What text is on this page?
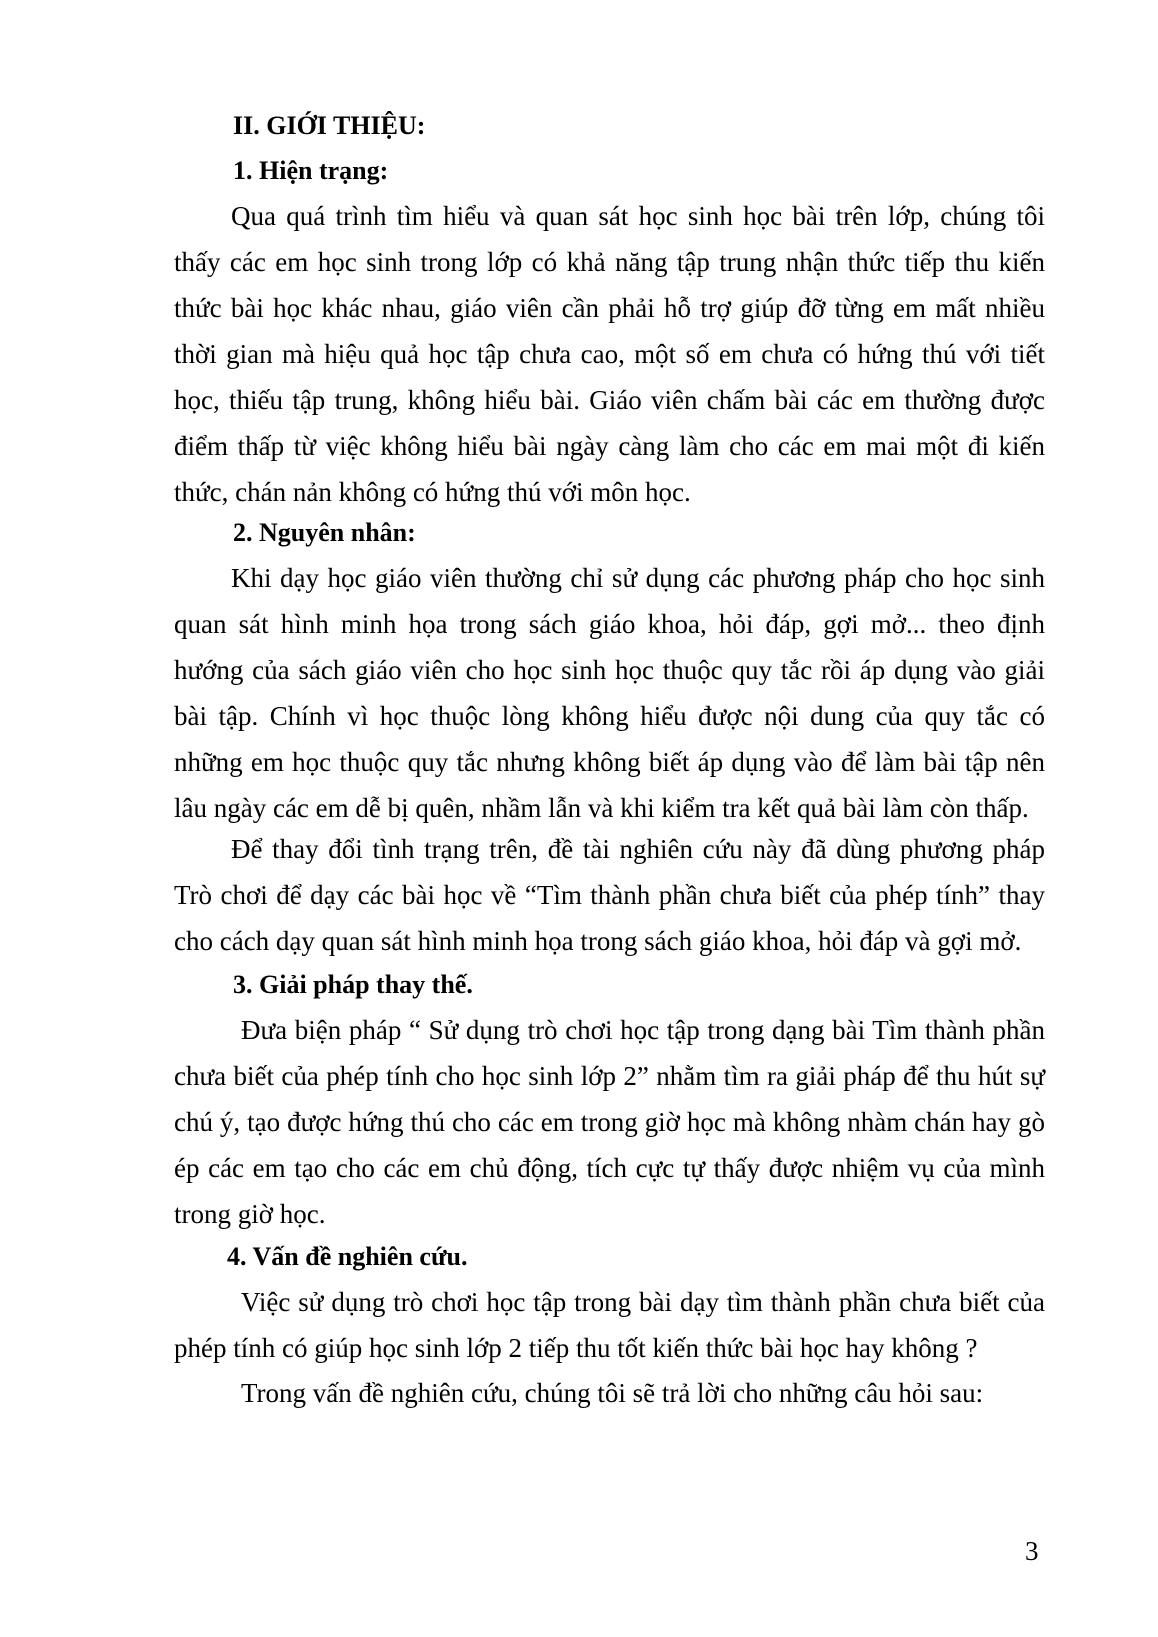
II. GIỚI THIỆU:
1. Hiện trạng:

Qua quá trình tìm hiểu và quan sát học sinh học bài trên lớp, chúng tôi thấy các em học sinh trong lớp có khả năng tập trung nhận thức tiếp thu kiến thức bài học khác nhau, giáo viên cần phải hỗ trợ giúp đỡ từng em mất nhiều thời gian mà hiệu quả học tập chưa cao, một số em chưa có hứng thú với tiết học, thiếu tập trung, không hiểu bài. Giáo viên chấm bài các em thường được điểm thấp từ việc không hiểu bài ngày càng làm cho các em mai một đi kiến thức, chán nản không có hứng thú với môn học.

2. Nguyên nhân:

Khi dạy học giáo viên thường chỉ sử dụng các phương pháp cho học sinh quan sát hình minh họa trong sách giáo khoa, hỏi đáp, gợi mở... theo định hướng của sách giáo viên cho học sinh học thuộc quy tắc rồi áp dụng vào giải bài tập. Chính vì học thuộc lòng không hiểu được nội dung của quy tắc có những em học thuộc quy tắc nhưng không biết áp dụng vào để làm bài tập nên lâu ngày các em dễ bị quên, nhầm lẫn và khi kiểm tra kết quả bài làm còn thấp.

Để thay đổi tình trạng trên, đề tài nghiên cứu này đã dùng phương pháp Trò chơi để dạy các bài học về “Tìm thành phần chưa biết của phép tính” thay cho cách dạy quan sát hình minh họa trong sách giáo khoa, hỏi đáp và gợi mở.

3. Giải pháp thay thế.

Đưa biện pháp “ Sử dụng trò chơi học tập trong dạng bài Tìm thành phần chưa biết của phép tính cho học sinh lớp 2” nhằm tìm ra giải pháp để thu hút sự chú ý, tạo được hứng thú cho các em trong giờ học mà không nhàm chán hay gò ép các em tạo cho các em chủ động, tích cực tự thấy được nhiệm vụ của mình trong giờ học.

4. Vấn đề nghiên cứu.

Việc sử dụng trò chơi học tập trong bài dạy tìm thành phần chưa biết của phép tính có giúp học sinh lớp 2 tiếp thu tốt kiến thức bài học hay không ?

Trong vấn đề nghiên cứu, chúng tôi sẽ trả lời cho những câu hỏi sau:

3
